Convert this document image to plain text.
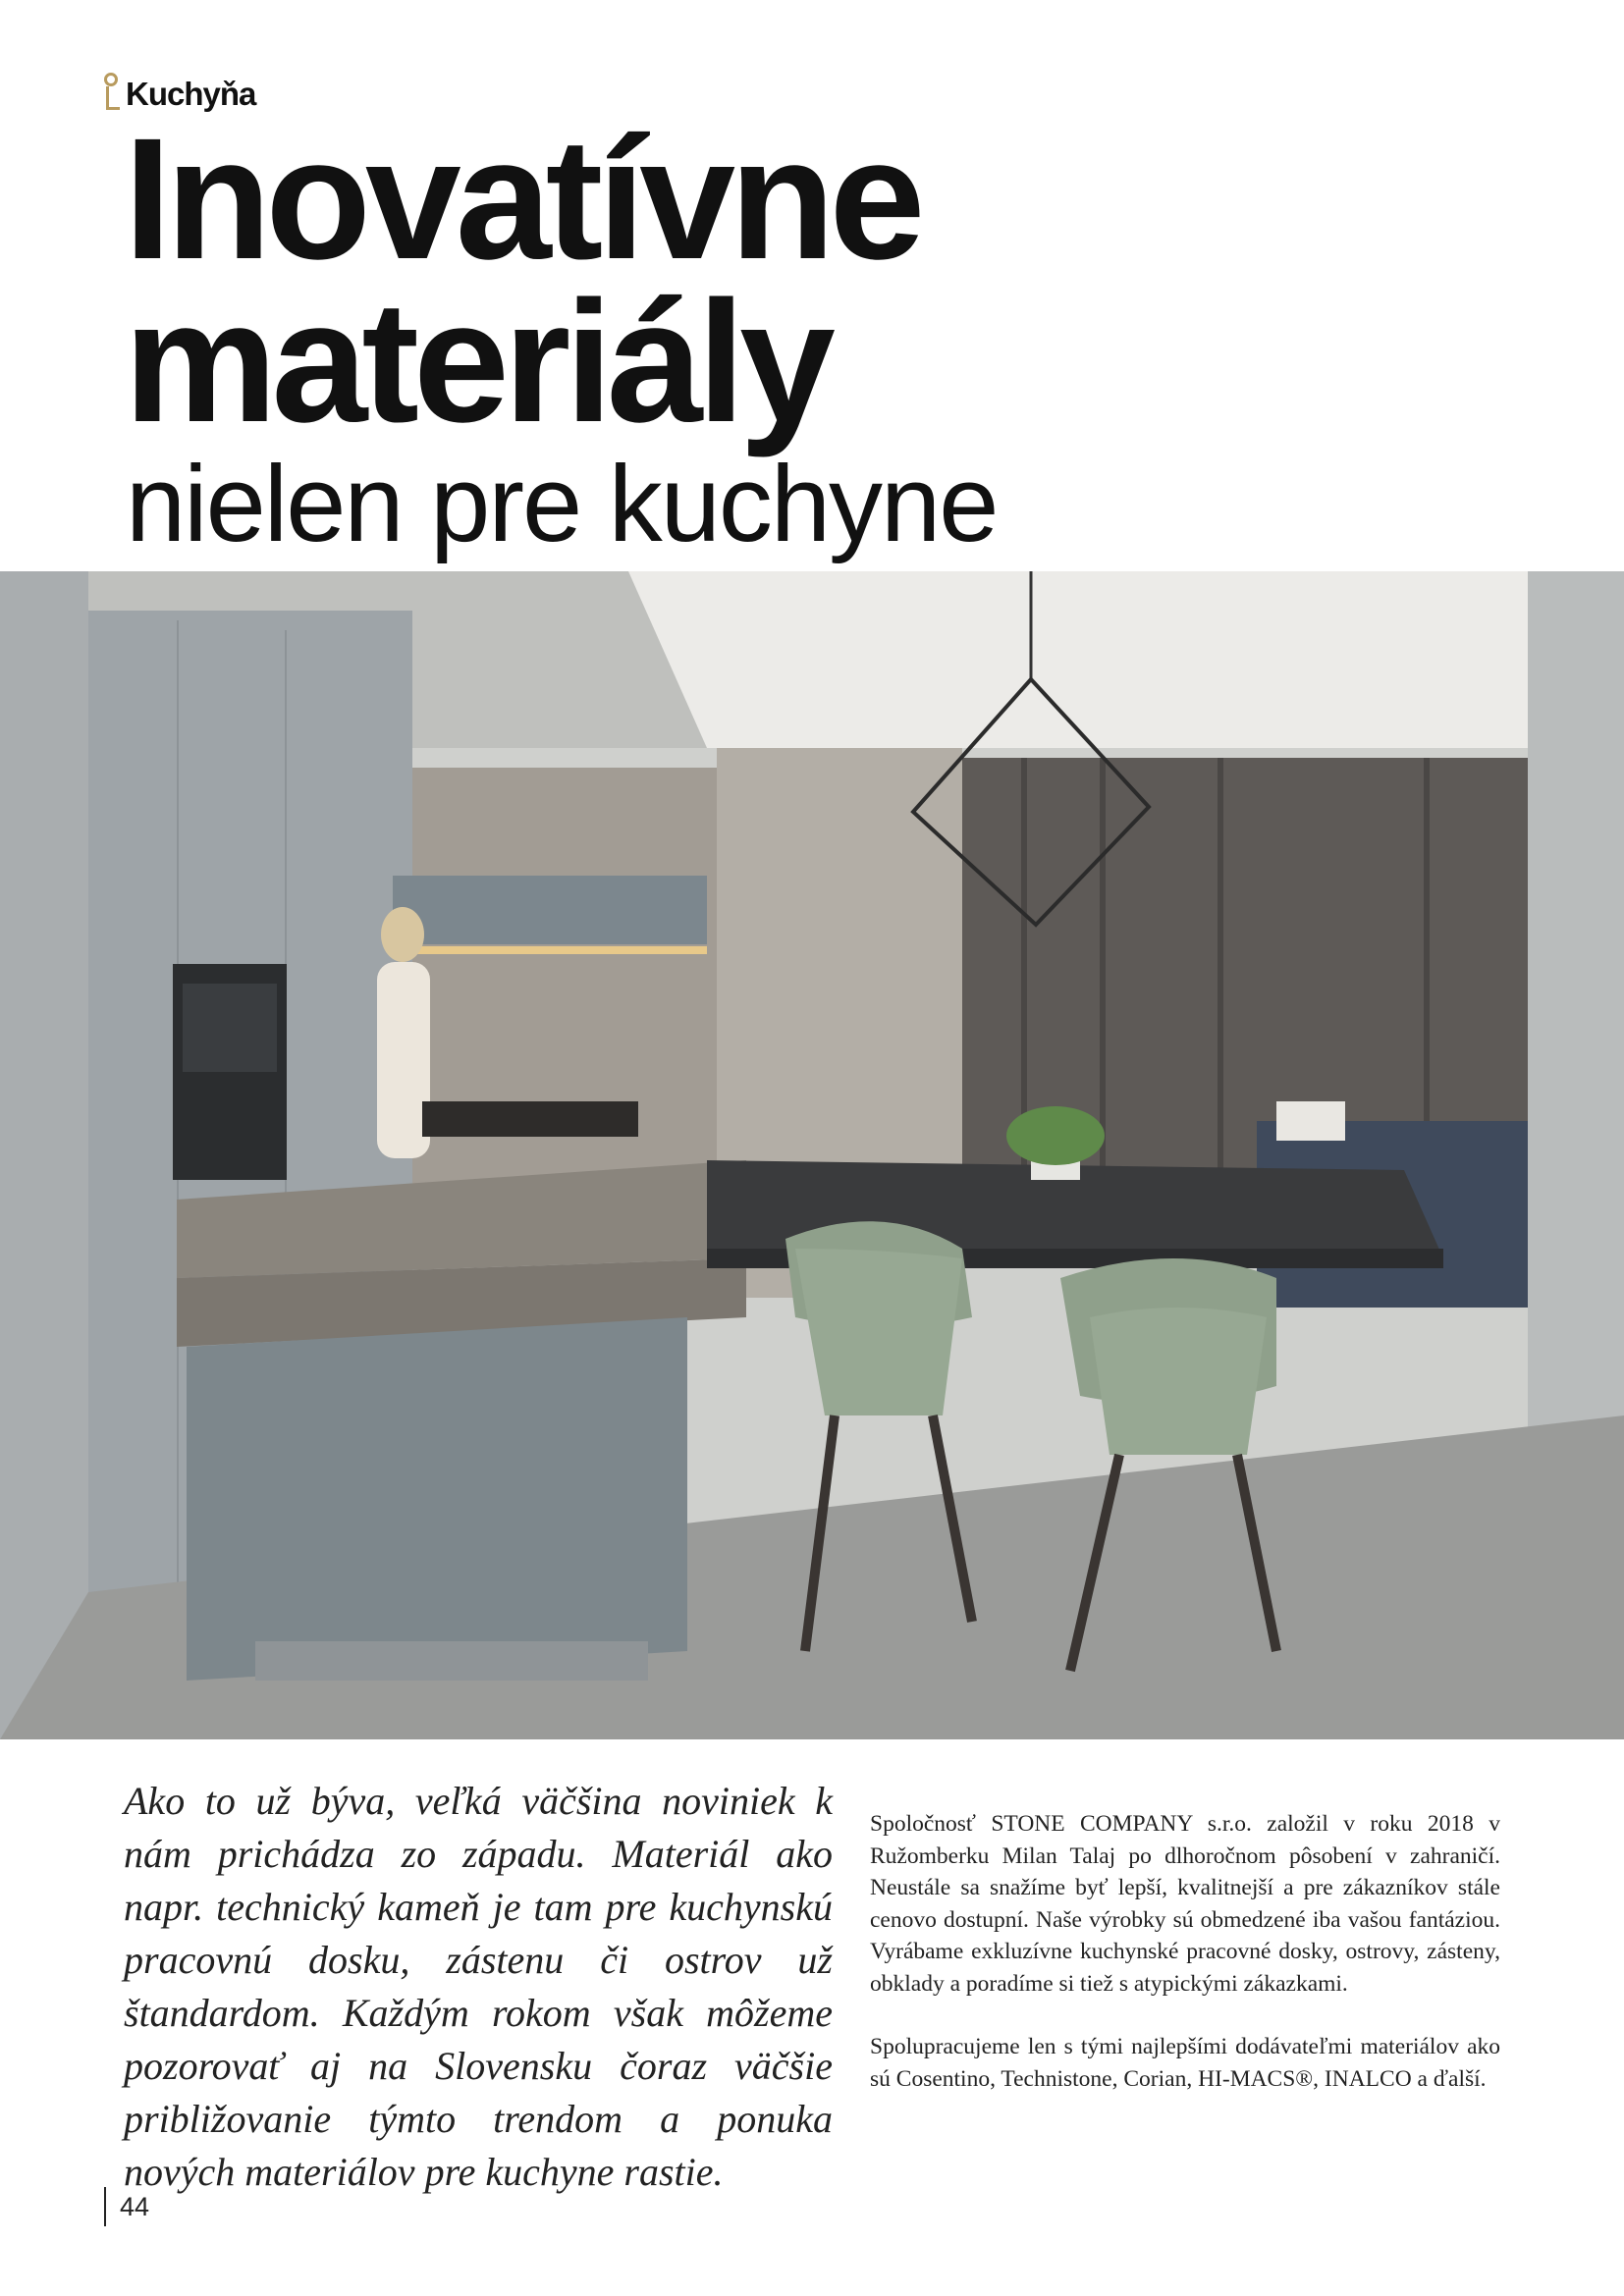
Kuchyňa
Inovatívne
materiály
nielen pre kuchyne

Ako to už býva, veľká väčšina noviniek k nám prichádza zo západu. Materiál ako napr. technický kameň je tam pre kuchynskú pracovnú dosku, zástenu či ostrov už štandardom. Každým rokom však môžeme pozorovať aj na Slovensku čoraz väčšie približovanie týmto trendom a ponuka nových materiálov pre kuchyne rastie.

Spoločnosť STONE COMPANY s.r.o. založil v roku 2018 v Ružomberku Milan Talaj po dlhoročnom pôsobení v zahraničí. Neustále sa snažíme byť lepší, kvalitnejší a pre zákazníkov stále cenovo dostupní. Naše výrobky sú obmedzené iba vašou fantáziou. Vyrábame exkluzívne kuchynské pracovné dosky, ostrovy, zásteny, obklady a poradíme si tiež s atypickými zákazkami.

Spolupracujeme len s tými najlepšími dodávateľmi materiálov ako sú Cosentino, Technistone, Corian, HI-MACS®, INALCO a ďalší.

44
